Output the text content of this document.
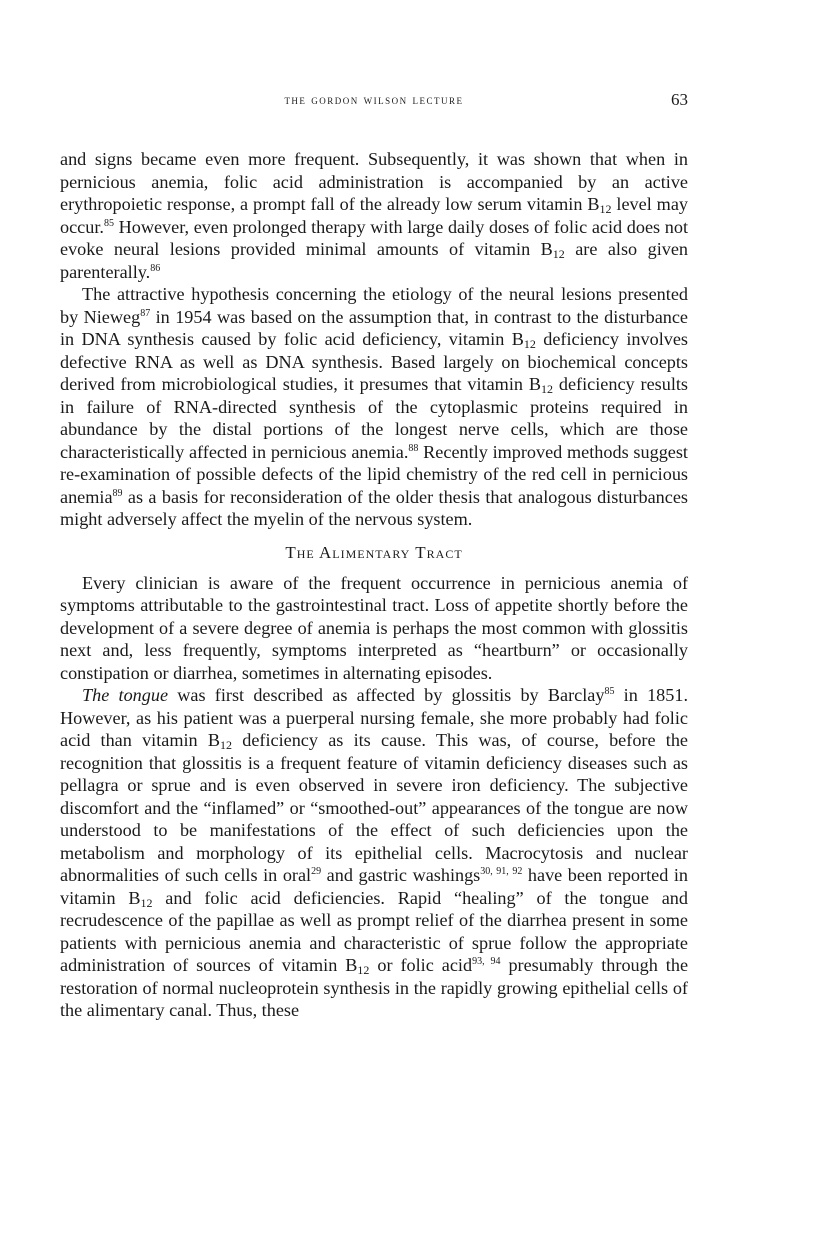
the gordon wilson lecture	63

and signs became even more frequent. Subsequently, it was shown that when in pernicious anemia, folic acid administration is accompanied by an active erythropoietic response, a prompt fall of the already low serum vitamin $B_{12}$ level may occur.$^{85}$ However, even prolonged therapy with large daily doses of folic acid does not evoke neural lesions provided minimal amounts of vitamin $B_{12}$ are also given parenterally.$^{86}$

The attractive hypothesis concerning the etiology of the neural lesions presented by Nieweg$^{87}$ in 1954 was based on the assumption that, in contrast to the disturbance in DNA synthesis caused by folic acid deficiency, vitamin $B_{12}$ deficiency involves defective RNA as well as DNA synthesis. Based largely on biochemical concepts derived from microbiological studies, it presumes that vitamin $B_{12}$ deficiency results in failure of RNA-directed synthesis of the cytoplasmic proteins required in abundance by the distal portions of the longest nerve cells, which are those characteristically affected in pernicious anemia.$^{88}$ Recently improved methods suggest re-examination of possible defects of the lipid chemistry of the red cell in pernicious anemia$^{89}$ as a basis for reconsideration of the older thesis that analogous disturbances might adversely affect the myelin of the nervous system.

The Alimentary Tract

Every clinician is aware of the frequent occurrence in pernicious anemia of symptoms attributable to the gastrointestinal tract. Loss of appetite shortly before the development of a severe degree of anemia is perhaps the most common with glossitis next and, less frequently, symptoms interpreted as “heartburn” or occasionally constipation or diarrhea, sometimes in alternating episodes.

The tongue was first described as affected by glossitis by Barclay$^{85}$ in 1851. However, as his patient was a puerperal nursing female, she more probably had folic acid than vitamin $B_{12}$ deficiency as its cause. This was, of course, before the recognition that glossitis is a frequent feature of vitamin deficiency diseases such as pellagra or sprue and is even observed in severe iron deficiency. The subjective discomfort and the “inflamed” or “smoothed-out” appearances of the tongue are now understood to be manifestations of the effect of such deficiencies upon the metabolism and morphology of its epithelial cells. Macrocytosis and nuclear abnormalities of such cells in oral$^{29}$ and gastric washings$^{30, 91, 92}$ have been reported in vitamin $B_{12}$ and folic acid deficiencies. Rapid “healing” of the tongue and recrudescence of the papillae as well as prompt relief of the diarrhea present in some patients with pernicious anemia and characteristic of sprue follow the appropriate administration of sources of vitamin $B_{12}$ or folic acid$^{93, 94}$ presumably through the restoration of normal nucleoprotein synthesis in the rapidly growing epithelial cells of the alimentary canal. Thus, these
